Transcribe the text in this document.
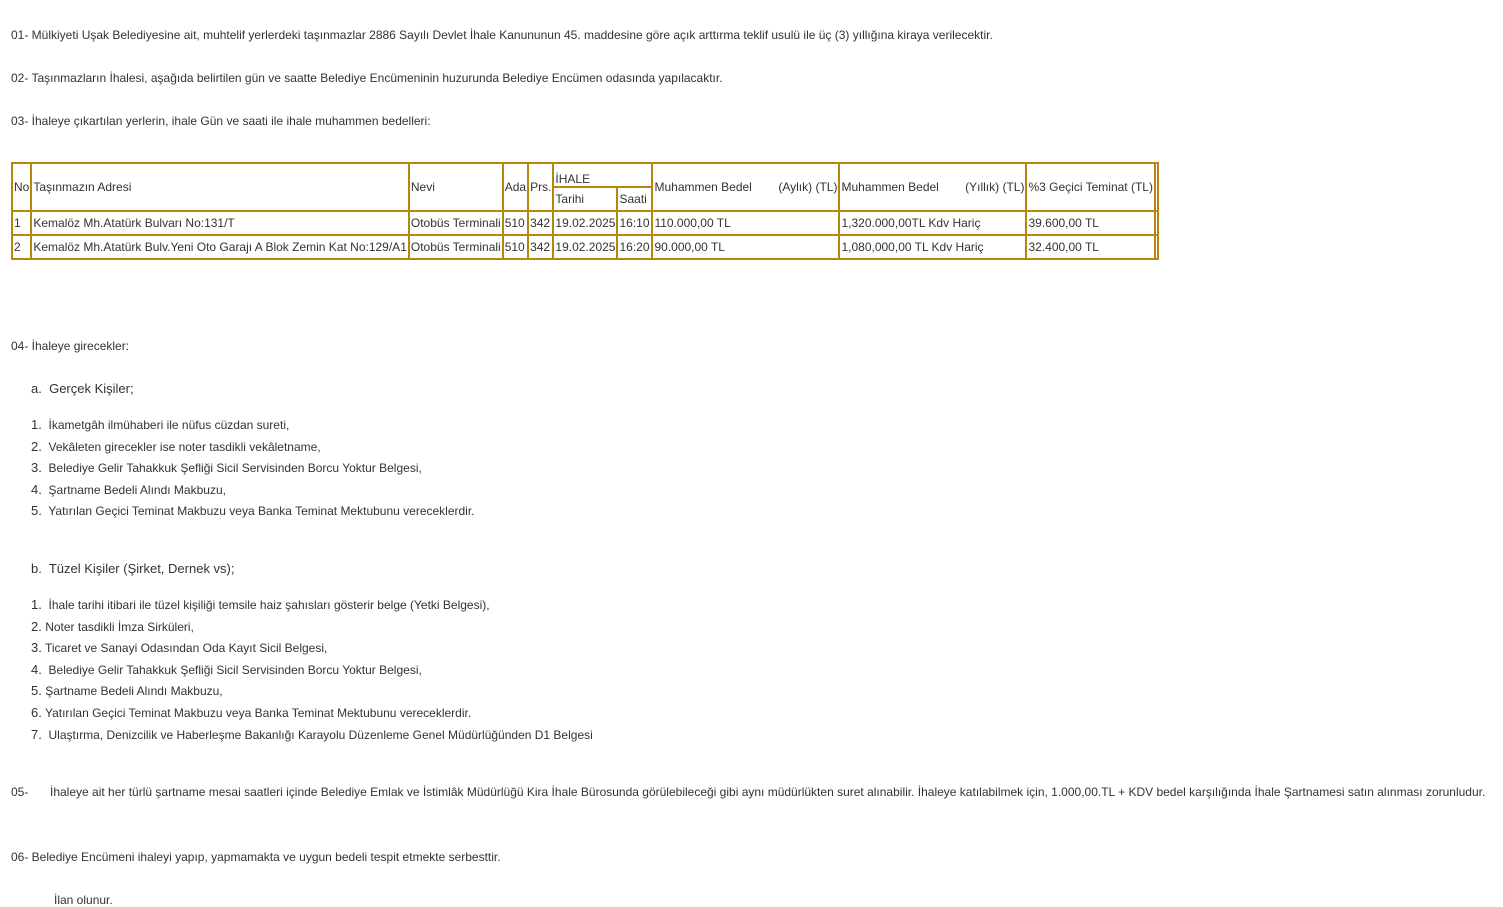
01- Mülkiyeti Uşak Belediyesine ait, muhtelif yerlerdeki taşınmazlar 2886 Sayılı Devlet İhale Kanununun 45. maddesine göre açık arttırma teklif usulü ile üç (3) yıllığına kiraya verilecektir.
02- Taşınmazların İhalesi, aşağıda belirtilen gün ve saatte Belediye Encümeninin huzurunda Belediye Encümen odasında yapılacaktır.
03- İhaleye çıkartılan yerlerin, ihale Gün ve saati ile ihale muhammen bedelleri:
No	Taşınmazın Adresi	Nevi	Ada	Prs.	İHALE		Muhammen Bedel (Aylık) (TL)	Muhammen Bedel (Yıllık) (TL)	%3 Geçici Teminat (TL)	
					Tarihi	Saati				
1	Kemalöz Mh.Atatürk Bulvarı No:131/T	Otobüs Terminali	510	342	19.02.2025	16:10	110.000,00 TL	1,320.000,00TL Kdv Hariç	39.600,00 TL	
2	Kemalöz Mh.Atatürk Bulv.Yeni Oto Garajı A Blok Zemin Kat No:129/A1	Otobüs Terminali	510	342	19.02.2025	16:20	90.000,00 TL	1,080,000,00 TL Kdv Hariç	32.400,00 TL	
04- İhaleye girecekler:
a. Gerçek Kişiler;
1. İkametgâh ilmühaberi ile nüfus cüzdan sureti,
2. Vekâleten girecekler ise noter tasdikli vekâletname,
3. Belediye Gelir Tahakkuk Şefliği Sicil Servisinden Borcu Yoktur Belgesi,
4. Şartname Bedeli Alındı Makbuzu,
5. Yatırılan Geçici Teminat Makbuzu veya Banka Teminat Mektubunu vereceklerdir.
b. Tüzel Kişiler (Şirket, Dernek vs);
1. İhale tarihi itibari ile tüzel kişiliği temsile haiz şahısları gösterir belge (Yetki Belgesi),
2. Noter tasdikli İmza Sirküleri,
3. Ticaret ve Sanayi Odasından Oda Kayıt Sicil Belgesi,
4. Belediye Gelir Tahakkuk Şefliği Sicil Servisinden Borcu Yoktur Belgesi,
5. Şartname Bedeli Alındı Makbuzu,
6. Yatırılan Geçici Teminat Makbuzu veya Banka Teminat Mektubunu vereceklerdir.
7. Ulaştırma, Denizcilik ve Haberleşme Bakanlığı Karayolu Düzenleme Genel Müdürlüğünden D1 Belgesi
05- İhaleye ait her türlü şartname mesai saatleri içinde Belediye Emlak ve İstimlâk Müdürlüğü Kira İhale Bürosunda görülebileceği gibi aynı müdürlükten suret alınabilir. İhaleye katılabilmek için, 1.000,00.TL + KDV bedel karşılığında İhale Şartnamesi satın alınması zorunludur.
06- Belediye Encümeni ihaleyi yapıp, yapmamakta ve uygun bedeli tespit etmekte serbesttir.
İlan olunur.
